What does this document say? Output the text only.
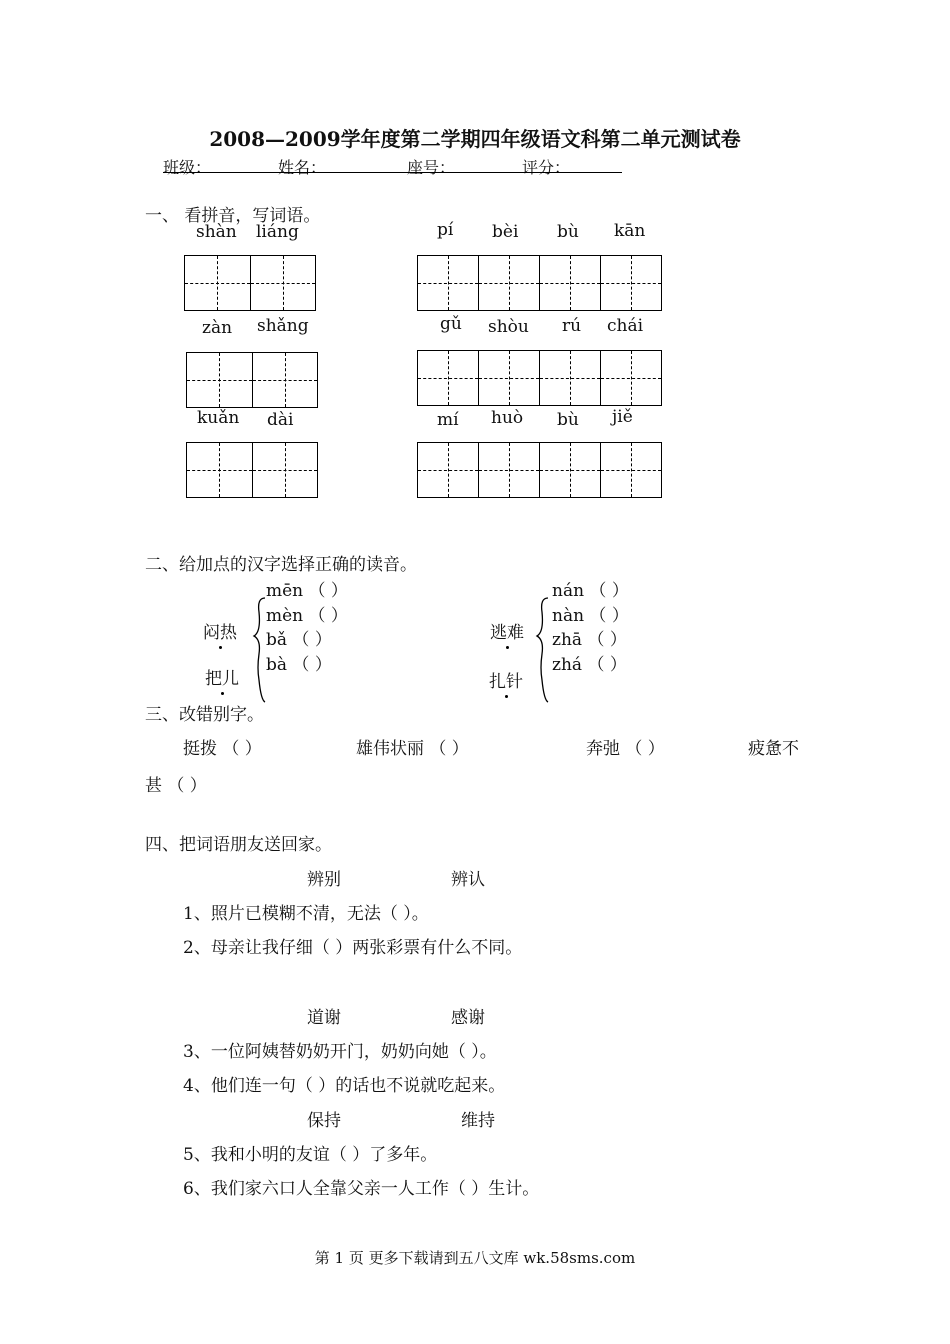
2008—2009学年度第二学期四年级语文科第二单元测试卷
班级：	姓名：	座号：	评分：
一、 看拼音，写词语。
shàn liáng	pí bèi bù kān
zàn shǎng	gǔ shòu rú chái
kuǎn dài	mí huò bù jiě
二、给加点的汉字选择正确的读音。
mēn （ ）
mèn （ ）
bǎ （ ）
bà （ ）
闷热
把儿
nán （ ）
nàn （ ）
zhā （ ）
zhá （ ）
逃难
扎针
三、改错别字。
挺拨 （ ）	雄伟状丽 （ ）	奔弛 （ ）	疲惫不
甚 （ ）
四、把词语朋友送回家。
辨别	辨认
1、照片已模糊不清，无法（ ）。
2、母亲让我仔细（ ）两张彩票有什么不同。
道谢	感谢
3、一位阿姨替奶奶开门，奶奶向她（ ）。
4、他们连一句（ ）的话也不说就吃起来。
保持	维持
5、我和小明的友谊（ ）了多年。
6、我们家六口人全靠父亲一人工作（ ）生计。
第 1 页 更多下载请到五八文库 wk.58sms.com
